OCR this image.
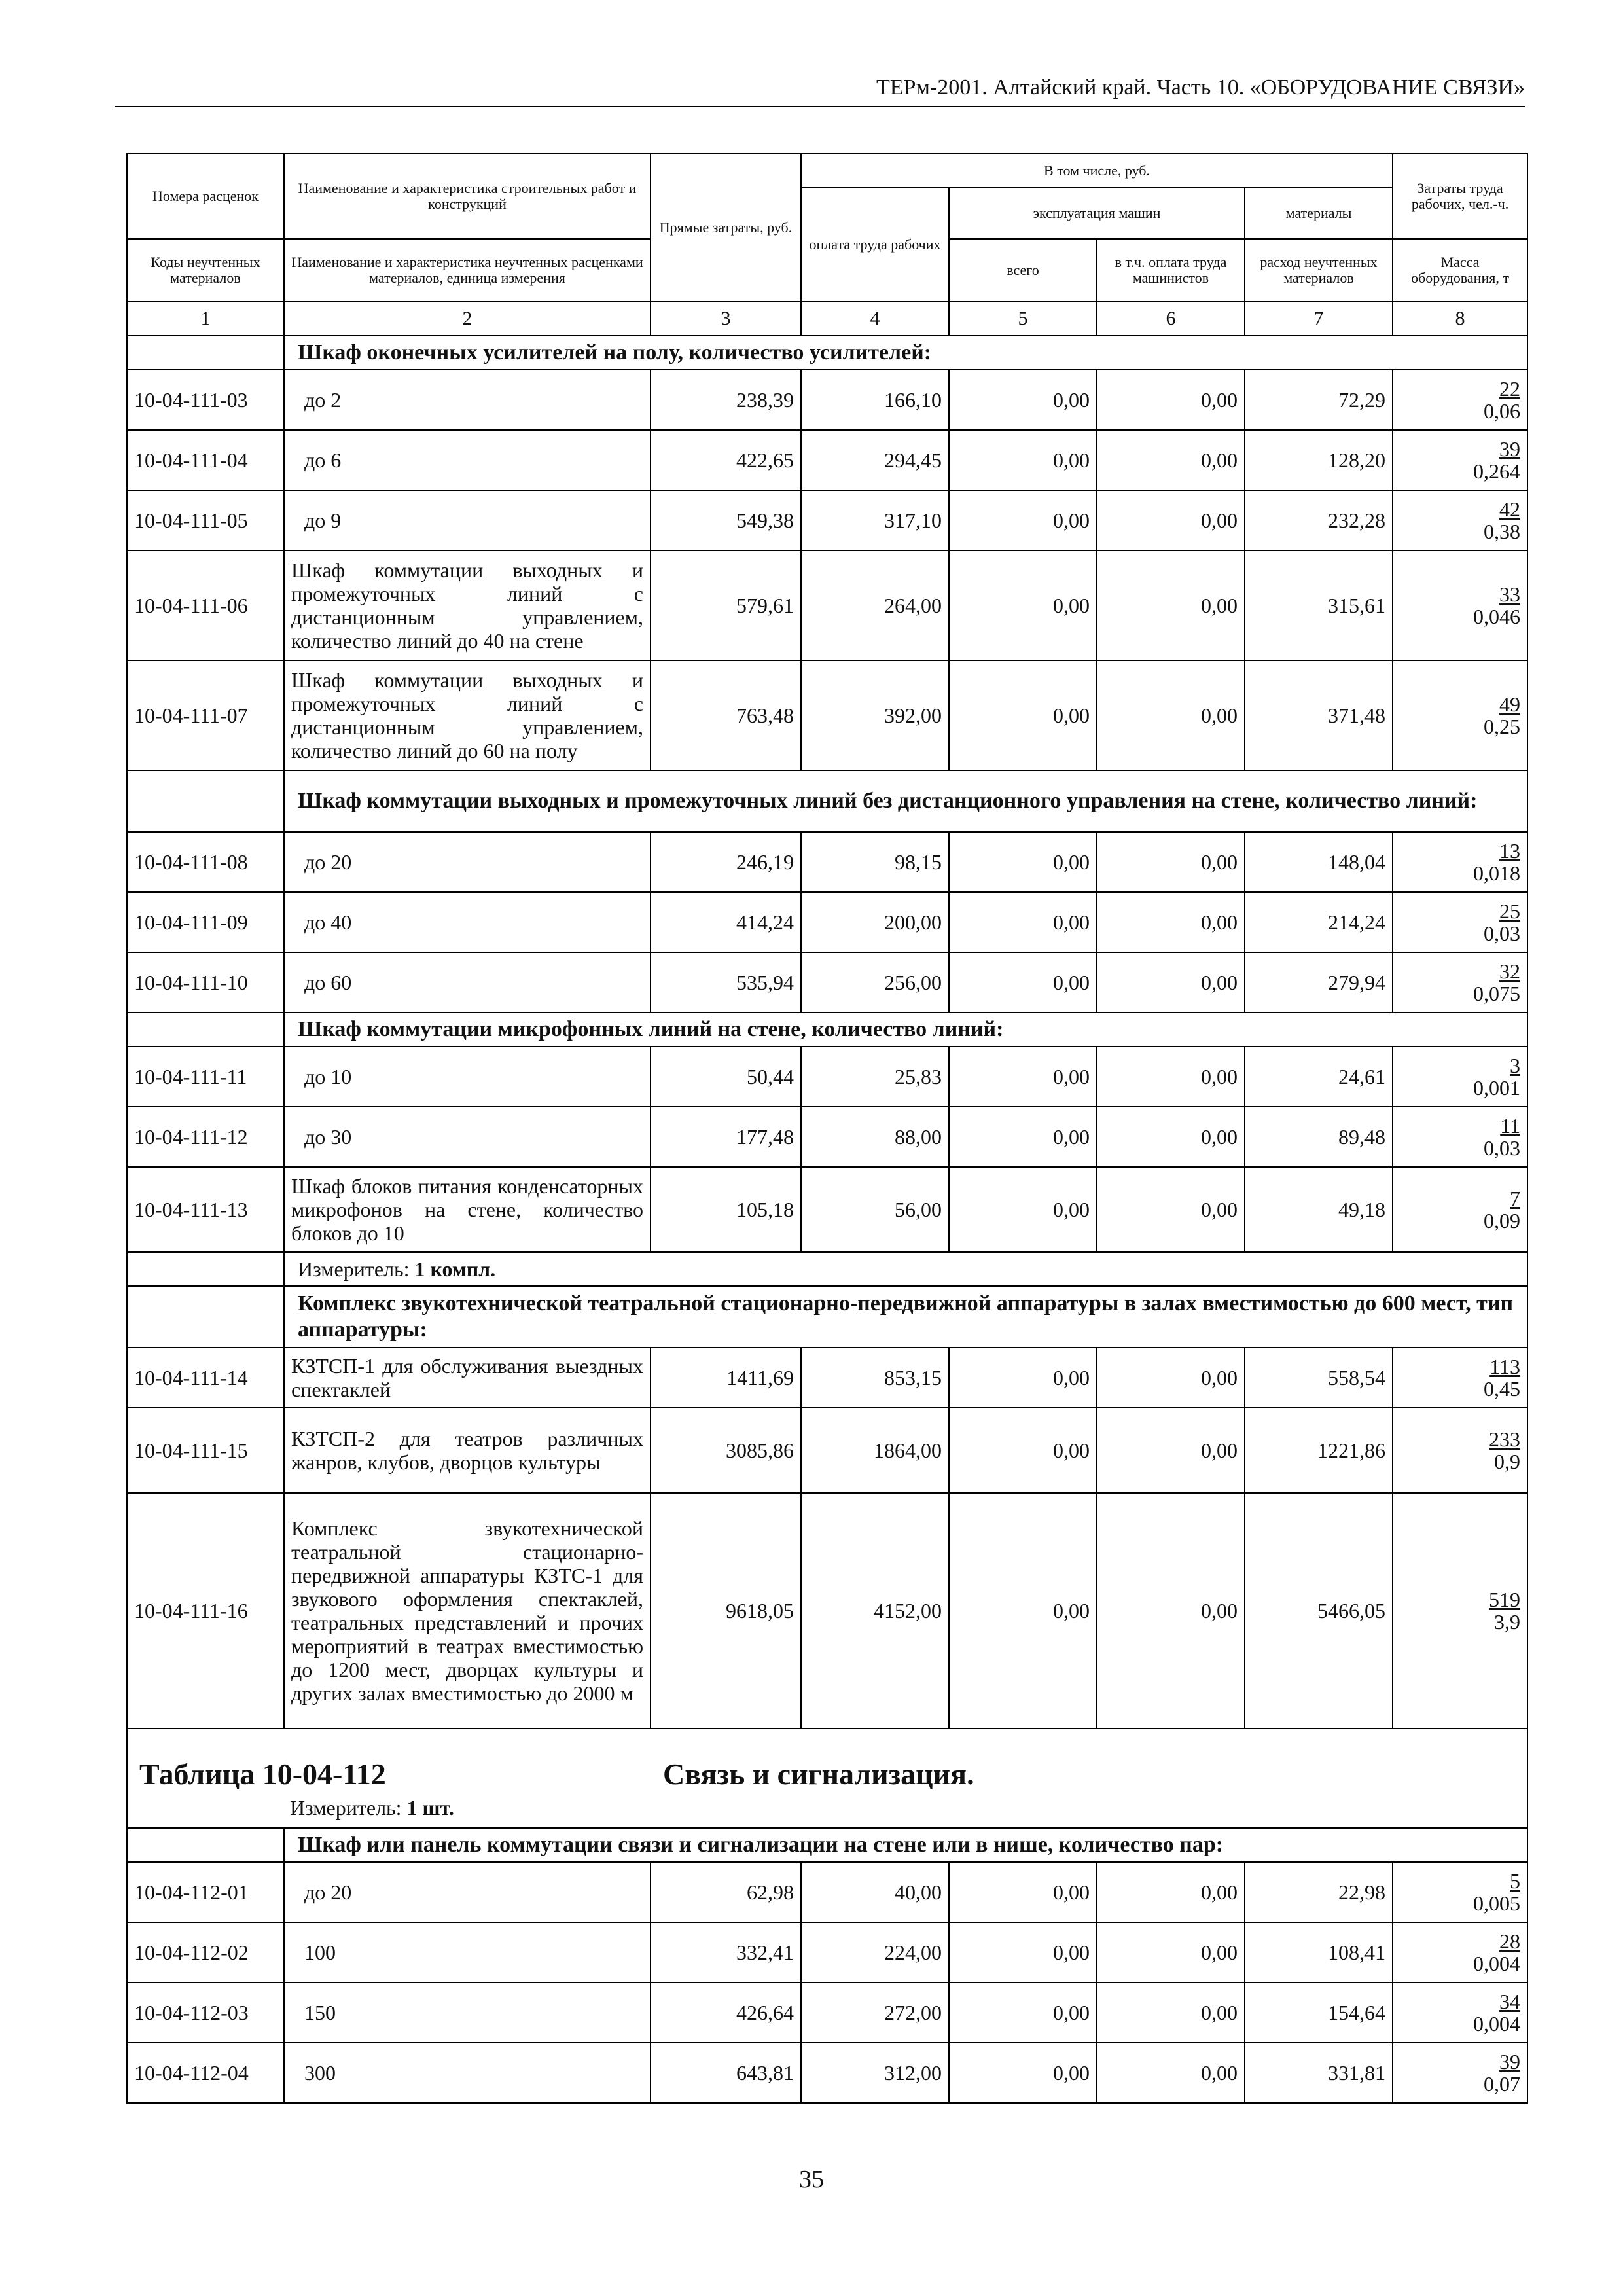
ТЕРм-2001. Алтайский край. Часть 10. «ОБОРУДОВАНИЕ СВЯЗИ»
Номера расценок	Наименование и характеристика строительных работ и конструкций	Прямые затраты, руб.	В том числе, руб.				Затраты труда рабочих, чел.-ч.
			оплата труда рабочих	эксплуатация машин		материалы	
Коды неучтенных материалов	Наименование и характеристика неучтенных расценками материалов, единица измерения			всего	в т.ч. оплата труда машинистов	расход неучтенных материалов	Масса оборудования, т
1	2	3	4	5	6	7	8
	Шкаф оконечных усилителей на полу, количество усилителей:						
10-04-111-03	до 2	238,39	166,10	0,00	0,00	72,29	22
0,06

10-04-111-04	до 6	422,65	294,45	0,00	0,00	128,20	39
0,264

10-04-111-05	до 9	549,38	317,10	0,00	0,00	232,28	42
0,38

10-04-111-06	Шкаф коммутации выходных и промежуточных линий с дистанционным управлением, количество линий до 40 на стене	579,61	264,00	0,00	0,00	315,61	33
0,046

10-04-111-07	Шкаф коммутации выходных и промежуточных линий с дистанционным управлением, количество линий до 60 на полу	763,48	392,00	0,00	0,00	371,48	49
0,25

	Шкаф коммутации выходных и промежуточных линий без дистанционного управления на стене, количество линий:						
10-04-111-08	до 20	246,19	98,15	0,00	0,00	148,04	13
0,018

10-04-111-09	до 40	414,24	200,00	0,00	0,00	214,24	25
0,03

10-04-111-10	до 60	535,94	256,00	0,00	0,00	279,94	32
0,075

	Шкаф коммутации микрофонных линий на стене, количество линий:						
10-04-111-11	до 10	50,44	25,83	0,00	0,00	24,61	3
0,001

10-04-111-12	до 30	177,48	88,00	0,00	0,00	89,48	11
0,03

10-04-111-13	Шкаф блоков питания конденсаторных микрофонов на стене, количество блоков до 10	105,18	56,00	0,00	0,00	49,18	7
0,09

	Измеритель: 1 компл.						
	Комплекс звукотехнической театральной стационарно-передвижной аппаратуры в залах вместимостью до 600 мест, тип аппаратуры:						
10-04-111-14	КЗТСП-1 для обслуживания выездных спектаклей	1411,69	853,15	0,00	0,00	558,54	113
0,45

10-04-111-15	КЗТСП-2 для театров различных жанров, клубов, дворцов культуры	3085,86	1864,00	0,00	0,00	1221,86	233
0,9

10-04-111-16	Комплекс звукотехнической театральной стационарно-передвижной аппаратуры КЗТС-1 для звукового оформления спектаклей, театральных представлений и прочих мероприятий в театрах вместимостью до 1200 мест, дворцах культуры и других залах вместимостью до 2000 м	9618,05	4152,00	0,00	0,00	5466,05	519
3,9

Таблица 10-04-112 Связь и сигнализация.
Измеритель: 1 шт.							

	Шкаф или панель коммутации связи и сигнализации на стене или в нише, количество пар:						
10-04-112-01	до 20	62,98	40,00	0,00	0,00	22,98	5
0,005

10-04-112-02	100	332,41	224,00	0,00	0,00	108,41	28
0,004

10-04-112-03	150	426,64	272,00	0,00	0,00	154,64	34
0,004

10-04-112-04	300	643,81	312,00	0,00	0,00	331,81	39
0,07
35
